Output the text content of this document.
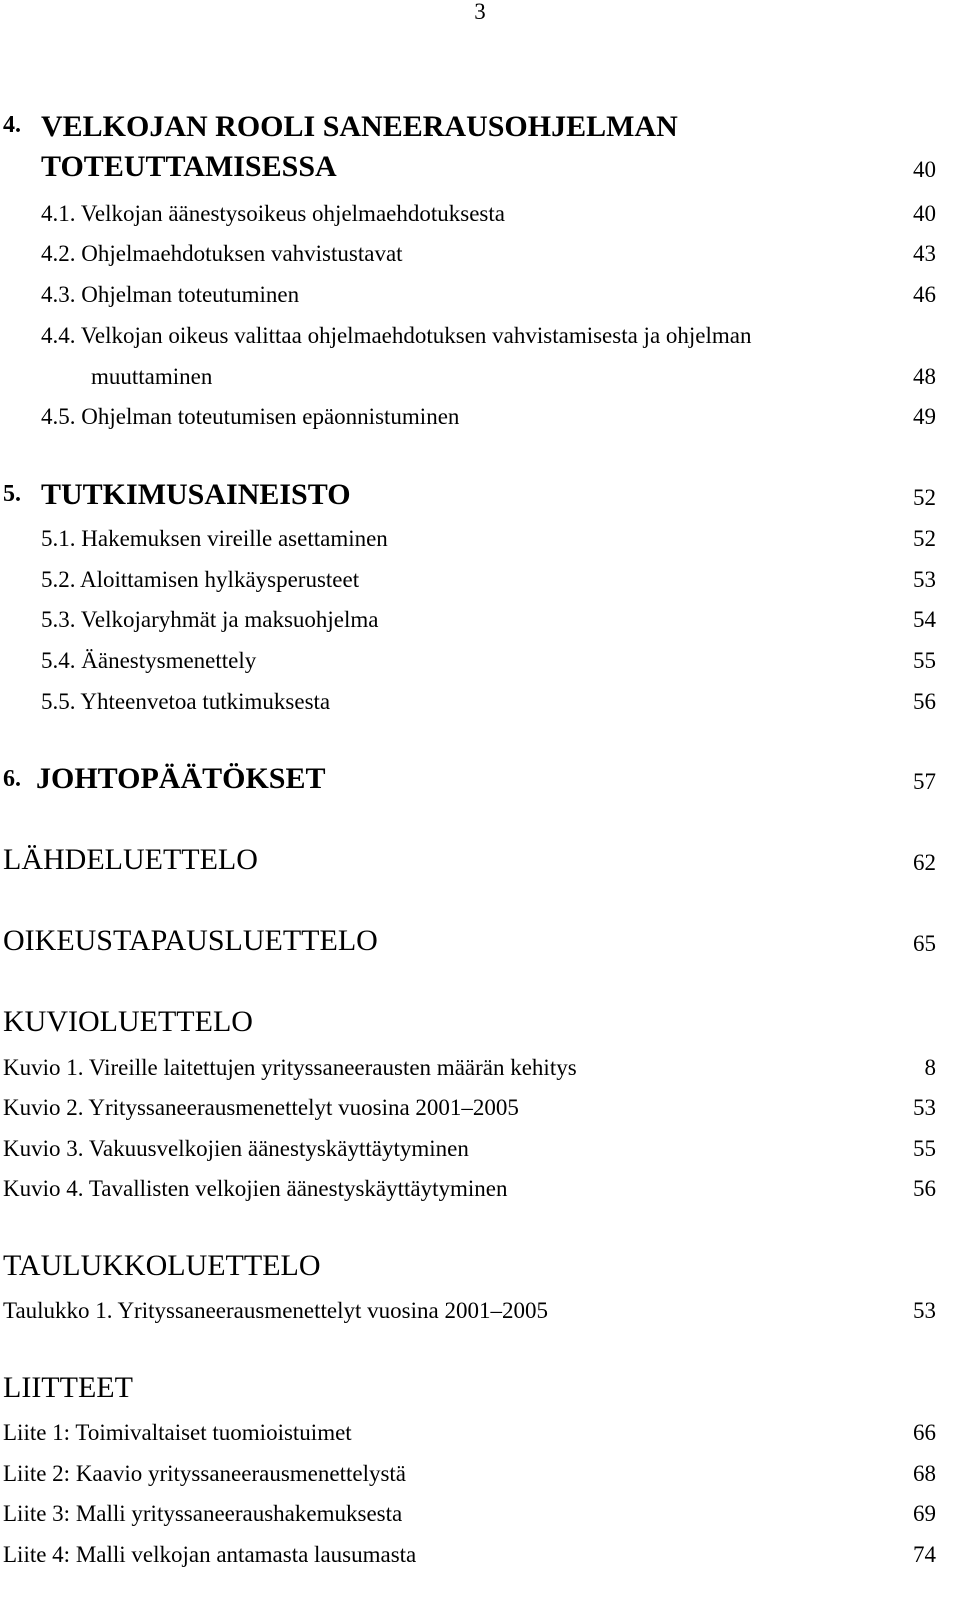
3
4. VELKOJAN ROOLI SANEERAUSOHJELMAN
TOTEUTTAMISESSA	40
4.1. Velkojan äänestysoikeus ohjelmaehdotuksesta	40
4.2. Ohjelmaehdotuksen vahvistustavat	43
4.3. Ohjelman toteutuminen	46
4.4. Velkojan oikeus valittaa ohjelmaehdotuksen vahvistamisesta ja ohjelman
muuttaminen	48
4.5. Ohjelman toteutumisen epäonnistuminen	49
5. TUTKIMUSAINEISTO	52
5.1. Hakemuksen vireille asettaminen	52
5.2. Aloittamisen hylkäysperusteet	53
5.3. Velkojaryhmät ja maksuohjelma	54
5.4. Äänestysmenettely	55
5.5. Yhteenvetoa tutkimuksesta	56
6. JOHTOPÄÄTÖKSET	57
LÄHDELUETTELO	62
OIKEUSTAPAUSLUETTELO	65
KUVIOLUETTELO
Kuvio 1. Vireille laitettujen yrityssaneerausten määrän kehitys	8
Kuvio 2. Yrityssaneerausmenettelyt vuosina 2001–2005	53
Kuvio 3. Vakuusvelkojien äänestyskäyttäytyminen	55
Kuvio 4. Tavallisten velkojien äänestyskäyttäytyminen	56
TAULUKKOLUETTELO
Taulukko 1. Yrityssaneerausmenettelyt vuosina 2001–2005	53
LIITTEET
Liite 1: Toimivaltaiset tuomioistuimet	66
Liite 2: Kaavio yrityssaneerausmenettelystä	68
Liite 3: Malli yrityssaneeraushakemuksesta	69
Liite 4: Malli velkojan antamasta lausumasta	74
